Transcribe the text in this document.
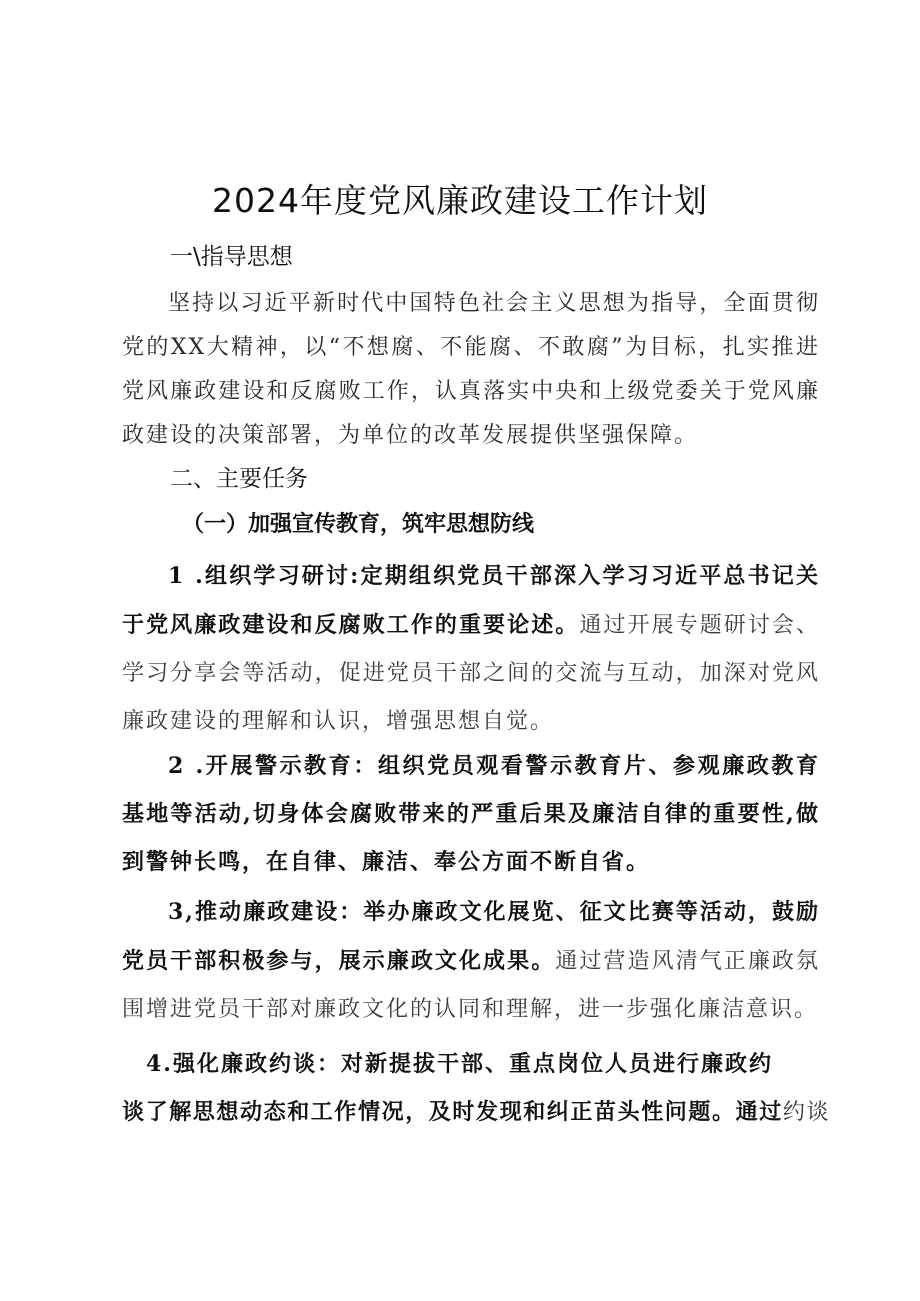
2024年度党风廉政建设工作计划
一\指导思想
坚持以习近平新时代中国特色社会主义思想为指导，全面贯彻党的XX大精神，以“不想腐、不能腐、不敢腐”为目标，扎实推进党风廉政建设和反腐败工作，认真落实中央和上级党委关于党风廉政建设的决策部署，为单位的改革发展提供坚强保障。
二、主要任务
（一）加强宣传教育，筑牢思想防线
1 .组织学习研讨:定期组织党员干部深入学习习近平总书记关于党风廉政建设和反腐败工作的重要论述。通过开展专题研讨会、学习分享会等活动，促进党员干部之间的交流与互动，加深对党风廉政建设的理解和认识，增强思想自觉。
2 .开展警示教育：组织党员观看警示教育片、参观廉政教育基地等活动,切身体会腐败带来的严重后果及廉洁自律的重要性,做到警钟长鸣，在自律、廉洁、奉公方面不断自省。
3,推动廉政建设：举办廉政文化展览、征文比赛等活动，鼓励党员干部积极参与，展示廉政文化成果。通过营造风清气正廉政氛围增进党员干部对廉政文化的认同和理解，进一步强化廉洁意识。
4.强化廉政约谈：对新提拔干部、重点岗位人员进行廉政约
谈了解思想动态和工作情况，及时发现和纠正苗头性问题。通过约谈
